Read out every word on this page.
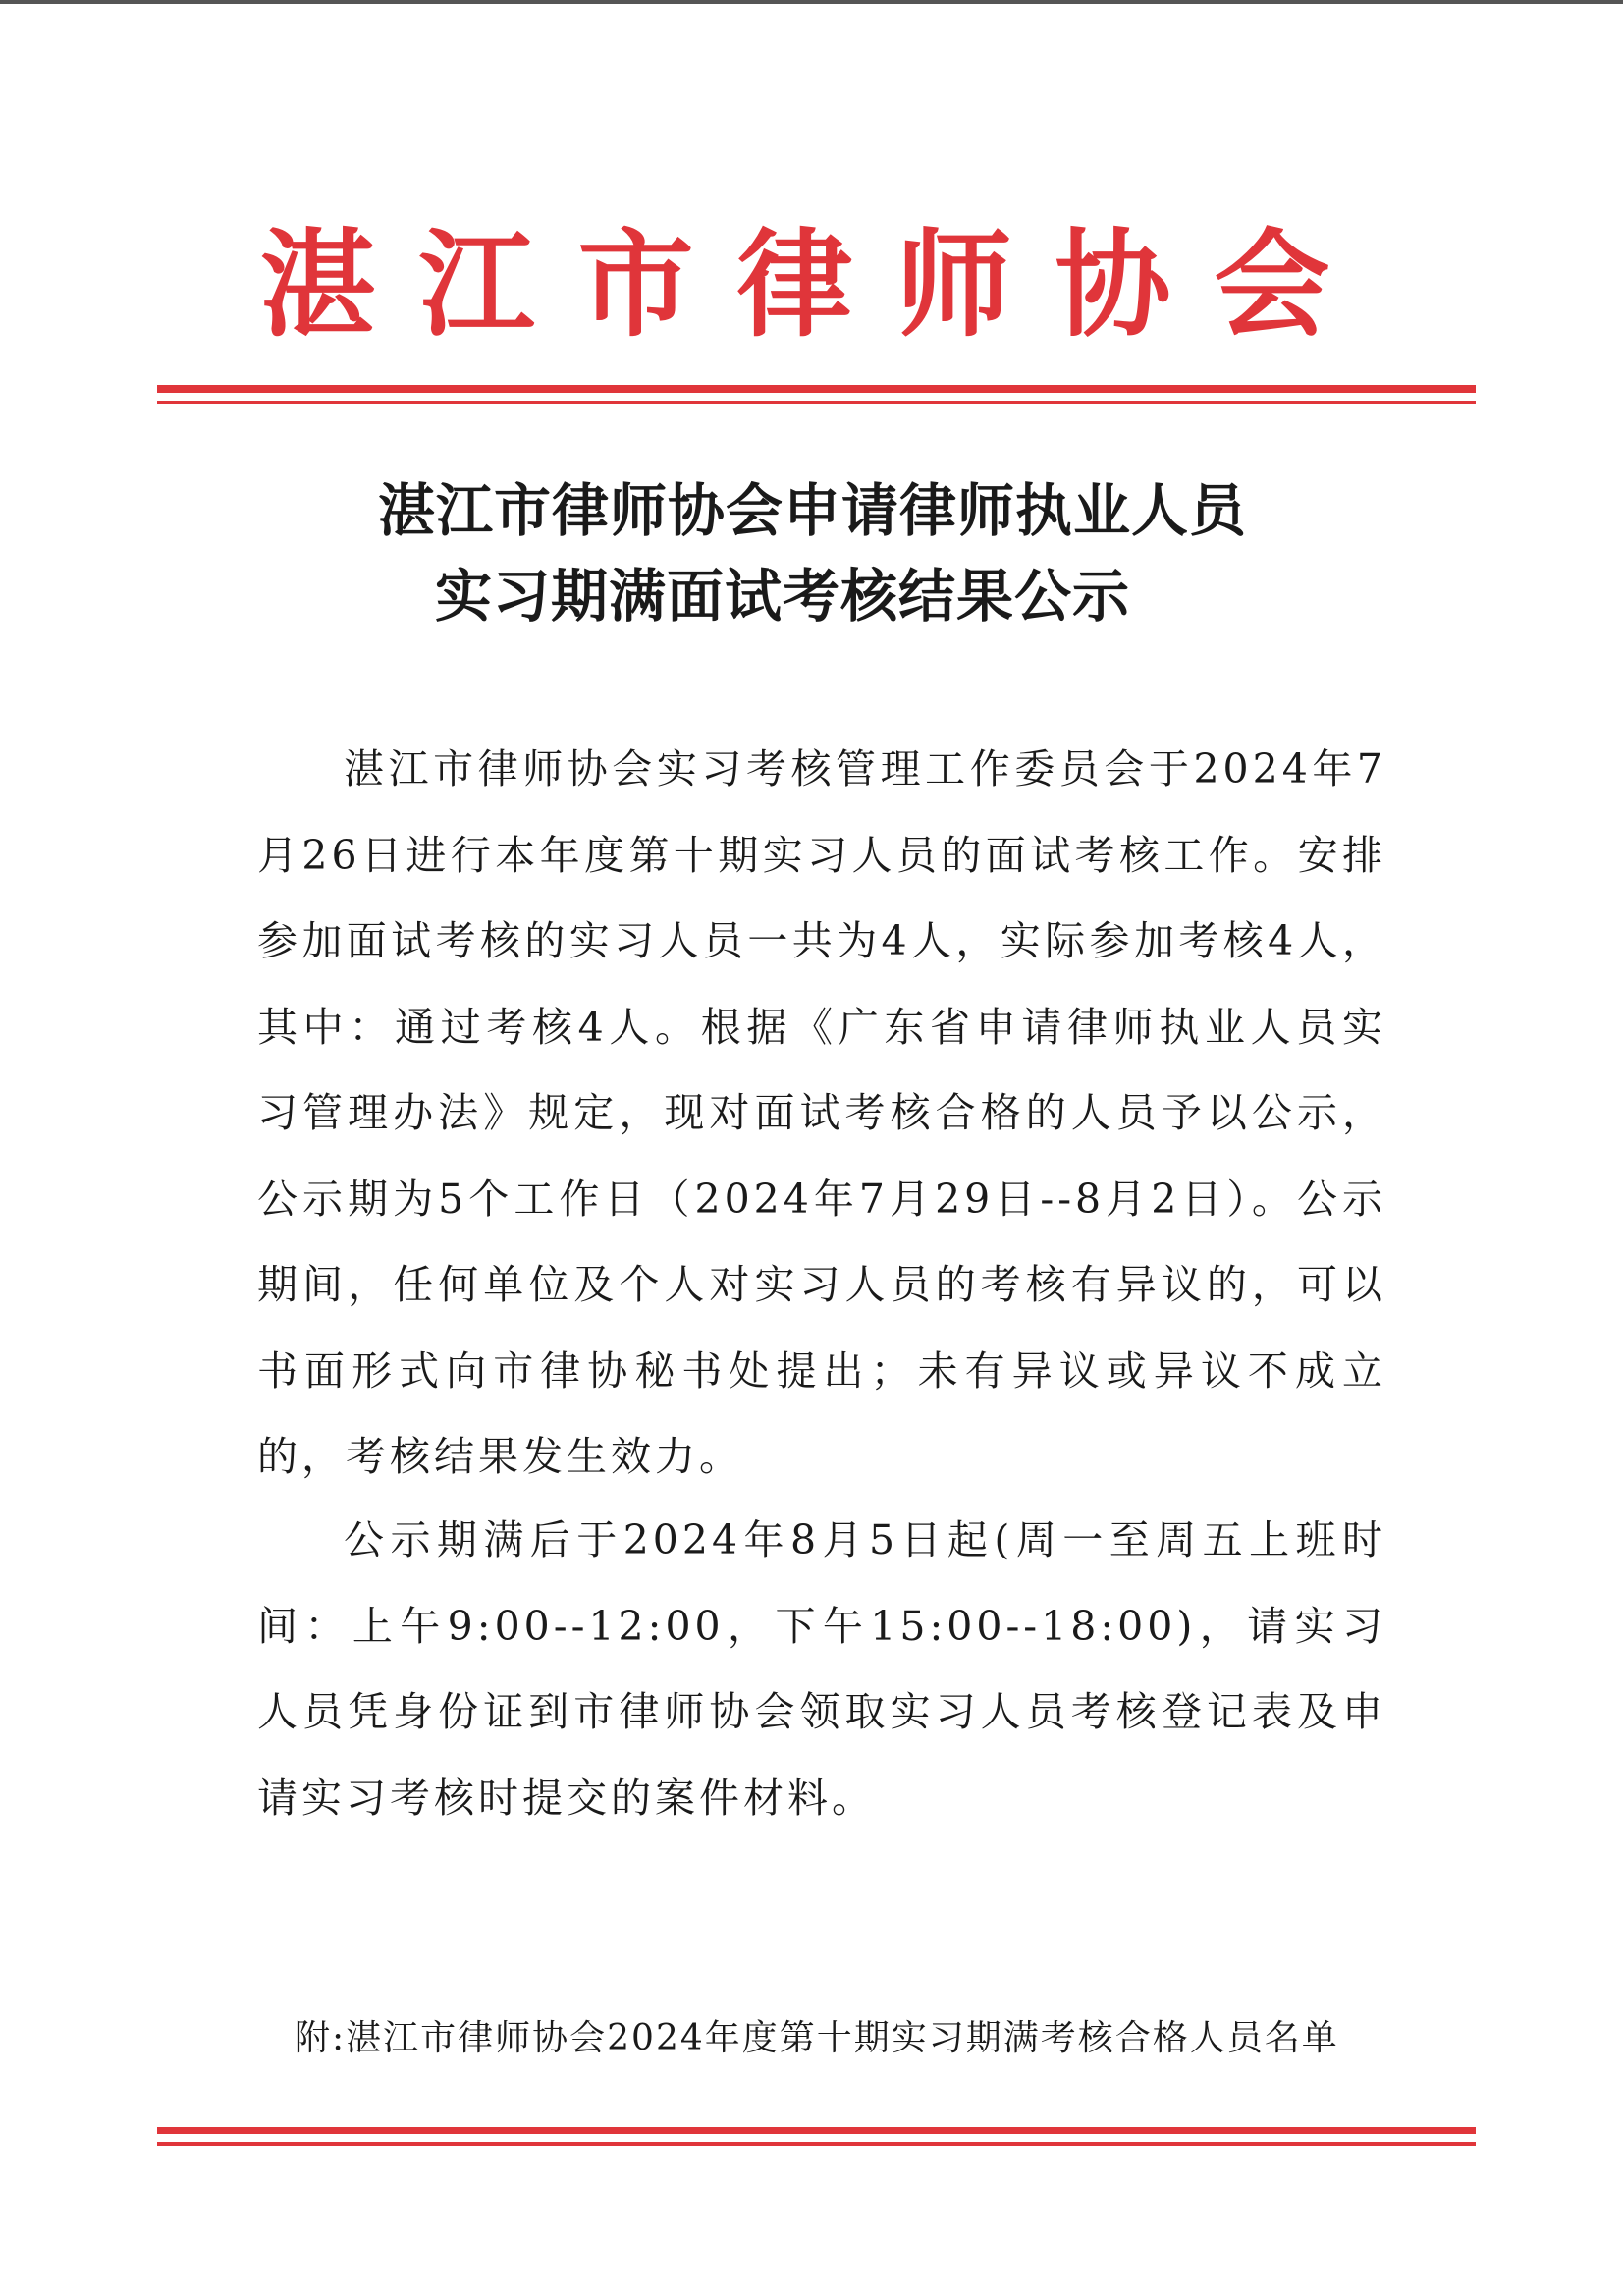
湛江市律师协会
湛江市律师协会申请律师执业人员
实习期满面试考核结果公示

湛江市律师协会实习考核管理工作委员会于2024年7月26日进行本年度第十期实习人员的面试考核工作。安排参加面试考核的实习人员一共为4人，实际参加考核4人，其中：通过考核4人。根据《广东省申请律师执业人员实习管理办法》规定，现对面试考核合格的人员予以公示，公示期为5个工作日（2024年7月29日--8月2日）。公示期间，任何单位及个人对实习人员的考核有异议的，可以书面形式向市律协秘书处提出；未有异议或异议不成立的，考核结果发生效力。

公示期满后于2024年8月5日起(周一至周五上班时间：上午9:00--12:00，下午15:00--18:00)，请实习人员凭身份证到市律师协会领取实习人员考核登记表及申请实习考核时提交的案件材料。

附:湛江市律师协会2024年度第十期实习期满考核合格人员名单
